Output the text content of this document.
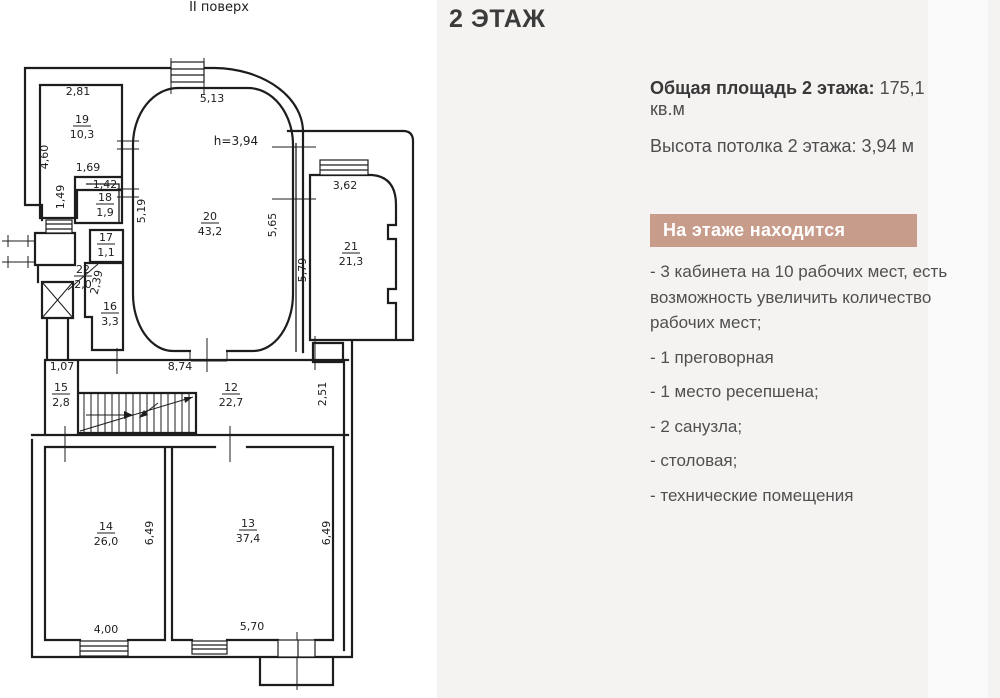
II поверх
h=3,94
19
10,3
18
1,9
17
1,1
22
2,0
16
3,3
20
43,2
21
21,3
15
2,8
12
22,7
14
26,0
13
37,4
2,81
4,60 1,69
1,49
1,42
5,13
5,19
5,65
3,62
5,79
2,39
1,07	8,74
2,51
6,49	6,49
4,00	5,70
2 ЭТАЖ
Общая площадь 2 этажа: 175,1 кв.м
Высота потолка 2 этажа: 3,94 м
На этаже находится
- 3 кабинета на 10 рабочих мест, есть возможность увеличить количество рабочих мест;
- 1 преговорная
- 1 место ресепшена;
- 2 санузла;
- столовая;
- технические помещения
